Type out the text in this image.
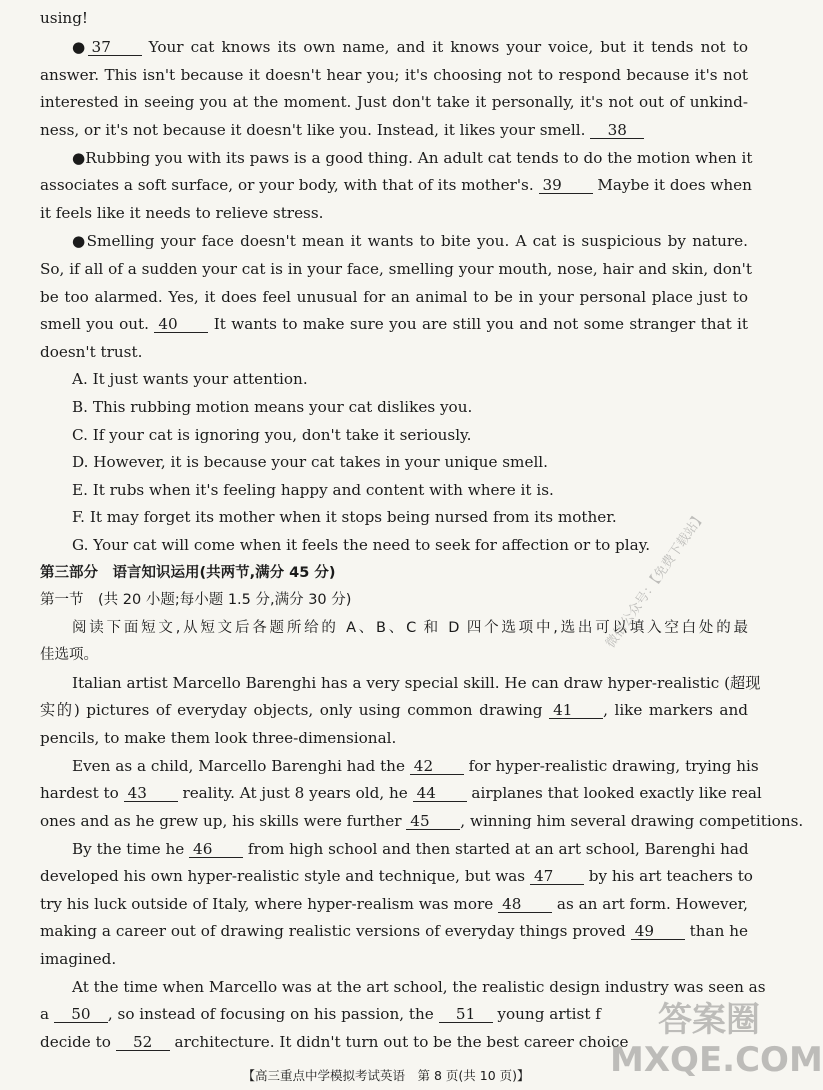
using!
● 37 Your cat knows its own name, and it knows your voice, but it tends not to
answer. This isn't because it doesn't hear you; it's choosing not to respond because it's not
interested in seeing you at the moment. Just don't take it personally, it's not out of unkind-
ness, or it's not because it doesn't like you. Instead, it likes your smell. 38
●Rubbing you with its paws is a good thing. An adult cat tends to do the motion when it
associates a soft surface, or your body, with that of its mother's. 39 Maybe it does when
it feels like it needs to relieve stress.
●Smelling your face doesn't mean it wants to bite you. A cat is suspicious by nature.
So, if all of a sudden your cat is in your face, smelling your mouth, nose, hair and skin, don't
be too alarmed. Yes, it does feel unusual for an animal to be in your personal place just to
smell you out. 40 It wants to make sure you are still you and not some stranger that it
doesn't trust.
A. It just wants your attention.
B. This rubbing motion means your cat dislikes you.
C. If your cat is ignoring you, don't take it seriously.
D. However, it is because your cat takes in your unique smell.
E. It rubs when it's feeling happy and content with where it is.
F. It may forget its mother when it stops being nursed from its mother.
G. Your cat will come when it feels the need to seek for affection or to play.
第三部分　语言知识运用(共两节,满分 45 分)
第一节　(共 20 小题;每小题 1.5 分,满分 30 分)
阅读下面短文,从短文后各题所给的 A、B、C 和 D 四个选项中,选出可以填入空白处的最
佳选项。
Italian artist Marcello Barenghi has a very special skill. He can draw hyper-realistic (超现
实的) pictures of everyday objects, only using common drawing 41 , like markers and
pencils, to make them look three-dimensional.
Even as a child, Marcello Barenghi had the 42 for hyper-realistic drawing, trying his
hardest to 43 reality. At just 8 years old, he 44 airplanes that looked exactly like real
ones and as he grew up, his skills were further 45 , winning him several drawing competitions.
By the time he 46 from high school and then started at an art school, Barenghi had
developed his own hyper-realistic style and technique, but was 47 by his art teachers to
try his luck outside of Italy, where hyper-realism was more 48 as an art form. However,
making a career out of drawing realistic versions of everyday things proved 49 than he
imagined.
At the time when Marcello was at the art school, the realistic design industry was seen as
a 50 , so instead of focusing on his passion, the 51 young artist f
decide to 52 architecture. It didn't turn out to be the best career choice
【高三重点中学模拟考试英语　第 8 页(共 10 页)】
微信公众号：【免费下载站】
答案圈 MXQE.COM
